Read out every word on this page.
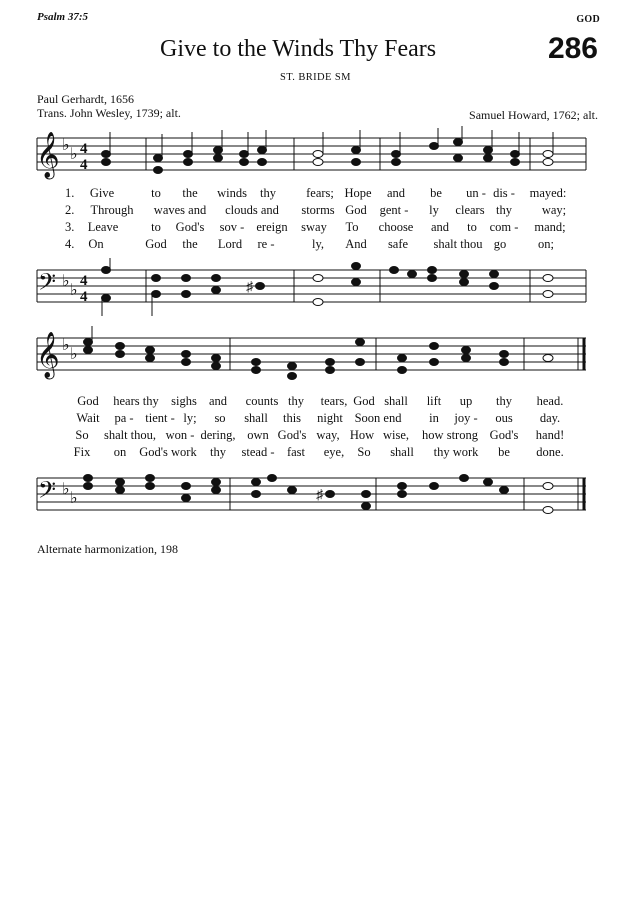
Psalm 37:5	GOD
Give to the Winds Thy Fears	286
ST. BRIDE SM
Paul Gerhardt, 1656
Trans. John Wesley, 1739; alt.	Samuel Howard, 1762; alt.
𝄞 ♭
♭ 4
4
1. Give	to the winds thy fears; Hope and be un - dis - mayed:
2. Through waves and clouds and storms God gent - ly clears thy way;
3. Leave	to God's sov - ereign sway To choose and to com - mand;
4. On	God the Lord re -	ly, And safe shalt thou go	on;
𝄢 ♭
♭
4
4
♯
𝄞 ♭
♭
God hears thy sighs and counts thy tears, God shall lift up thy head.
Wait pa - tient - ly; so shall this night Soon end in joy - ous day.
So shalt thou, won - dering, own God's way, How wise, how strong God's hand!
Fix on God's work thy stead - fast eye, So shall thy work be done.
𝄢 ♭
♭	♯
Alternate harmonization, 198
